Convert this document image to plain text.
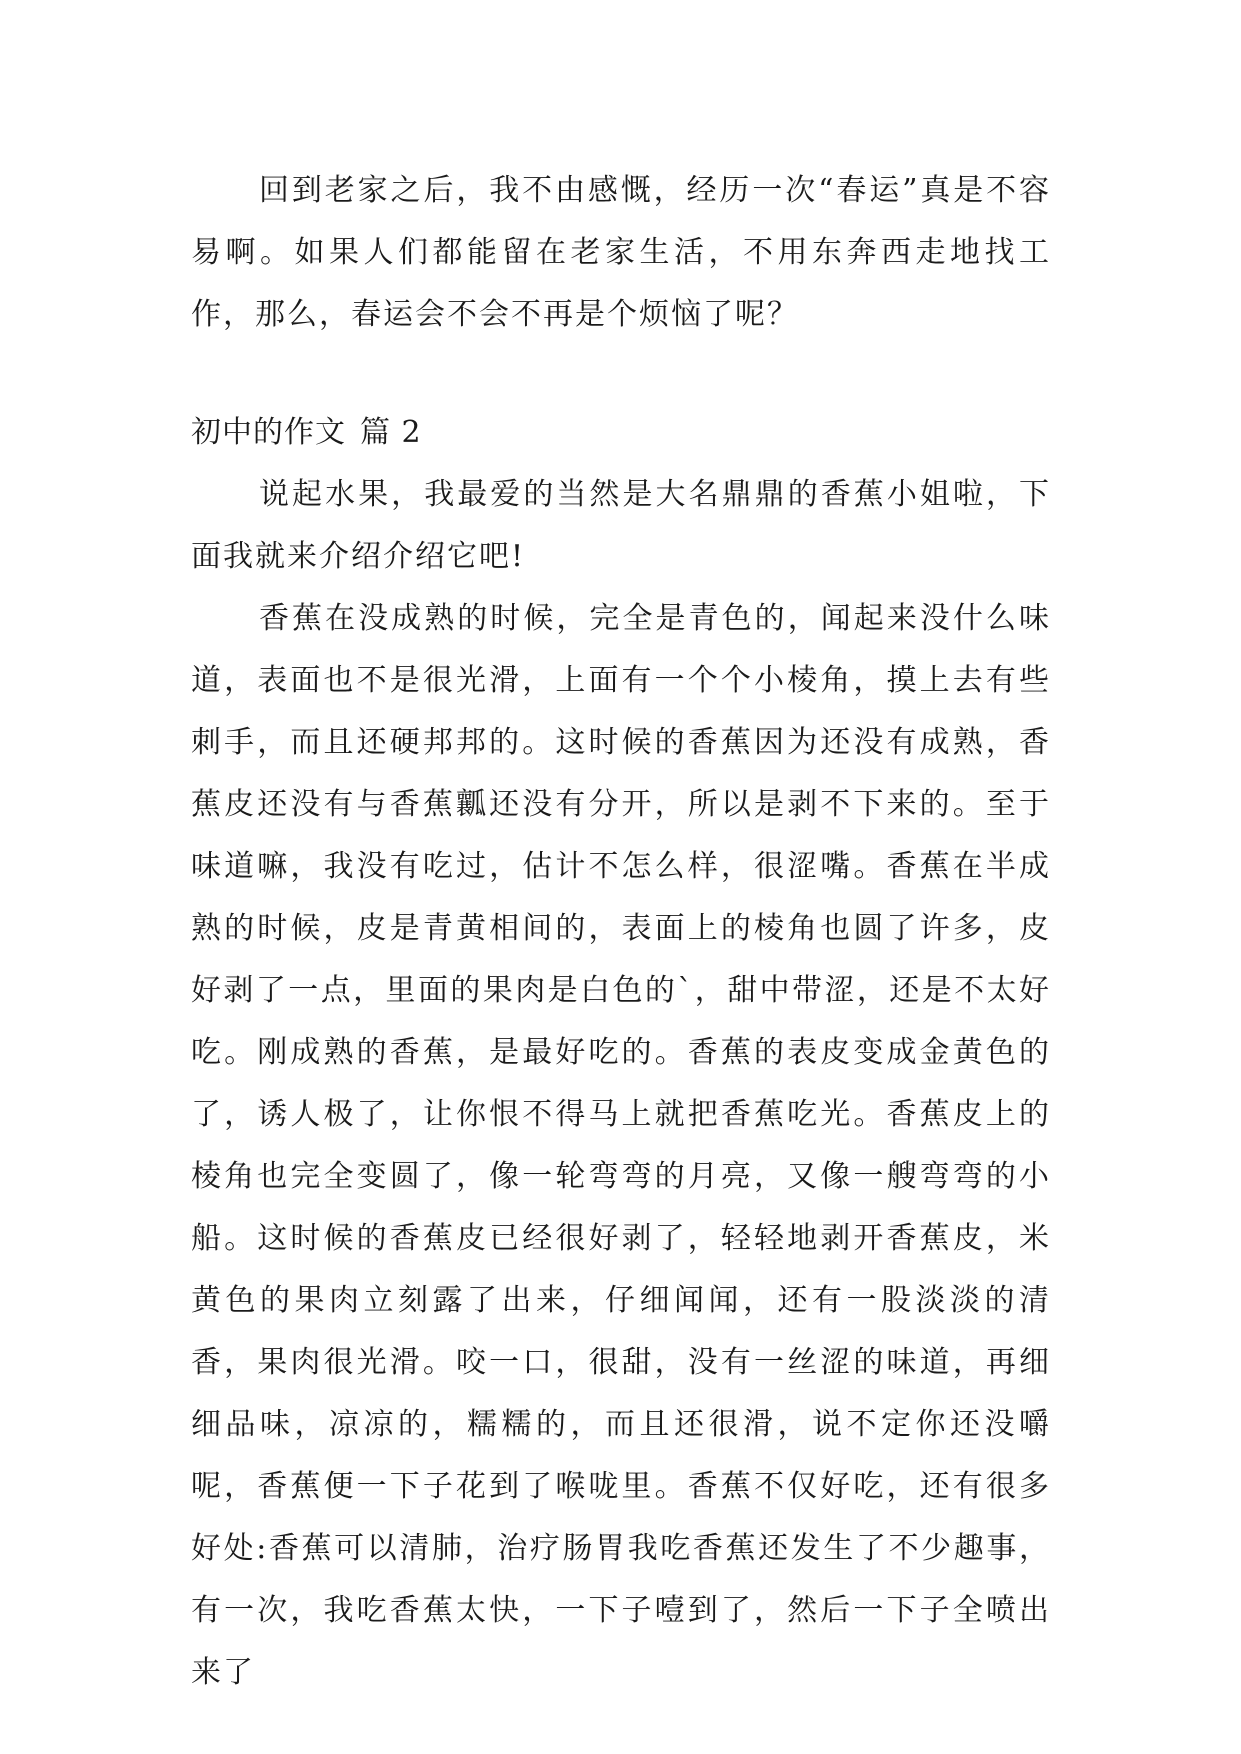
回到老家之后，我不由感慨，经历一次“春运”真是不容易啊。如果人们都能留在老家生活，不用东奔西走地找工作，那么，春运会不会不再是个烦恼了呢？

初中的作文 篇 2

说起水果，我最爱的当然是大名鼎鼎的香蕉小姐啦，下面我就来介绍介绍它吧!

香蕉在没成熟的时候，完全是青色的，闻起来没什么味道，表面也不是很光滑，上面有一个个小棱角，摸上去有些刺手，而且还硬邦邦的。这时候的香蕉因为还没有成熟，香蕉皮还没有与香蕉瓤还没有分开，所以是剥不下来的。至于味道嘛，我没有吃过，估计不怎么样，很涩嘴。香蕉在半成熟的时候，皮是青黄相间的，表面上的棱角也圆了许多，皮好剥了一点，里面的果肉是白色的`，甜中带涩，还是不太好吃。刚成熟的香蕉，是最好吃的。香蕉的表皮变成金黄色的了，诱人极了，让你恨不得马上就把香蕉吃光。香蕉皮上的棱角也完全变圆了，像一轮弯弯的月亮，又像一艘弯弯的小船。这时候的香蕉皮已经很好剥了，轻轻地剥开香蕉皮，米黄色的果肉立刻露了出来，仔细闻闻，还有一股淡淡的清香，果肉很光滑。咬一口，很甜，没有一丝涩的味道，再细细品味，凉凉的，糯糯的，而且还很滑，说不定你还没嚼呢，香蕉便一下子花到了喉咙里。香蕉不仅好吃，还有很多好处:香蕉可以清肺，治疗肠胃我吃香蕉还发生了不少趣事，有一次，我吃香蕉太快，一下子噎到了，然后一下子全喷出来了
